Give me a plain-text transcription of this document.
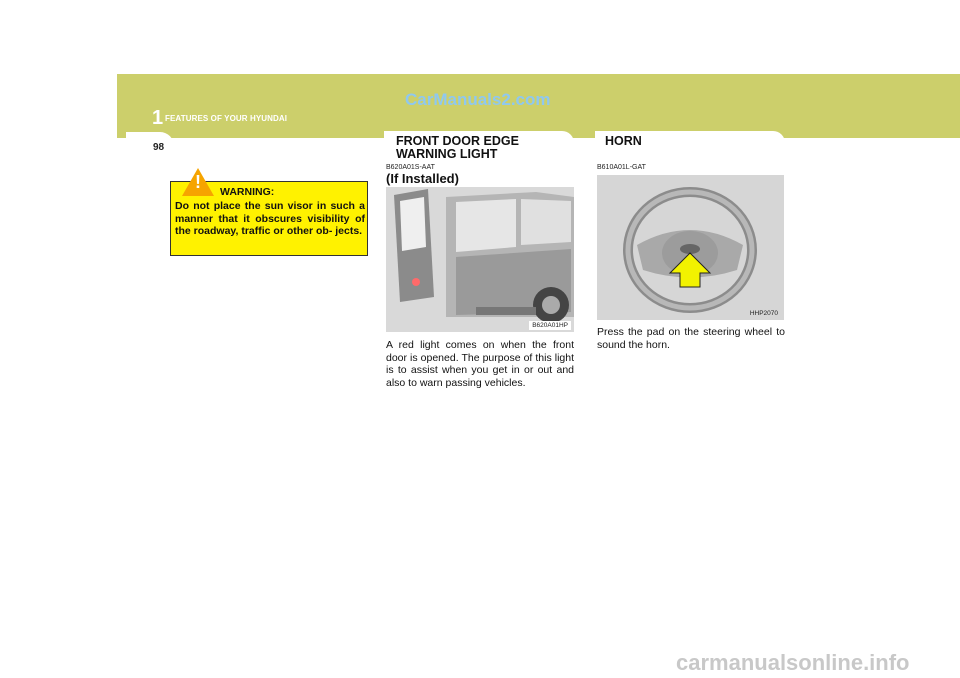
1 FEATURES OF YOUR HYUNDAI
CarManuals2.com
98	FRONT DOOR EDGE
WARNING LIGHT
HORN
! WARNING:
Do not place the sun visor in such a manner that it obscures visibility of the roadway, traffic or other ob- jects.
B620A01S-AAT
(If Installed)
B620A01HP
A red light comes on when the front door is opened. The purpose of this light is to assist when you get in or out and also to warn passing vehicles.
B610A01L-GAT
HHP2070
Press the pad on the steering wheel to sound the horn.
carmanualsonline.info
